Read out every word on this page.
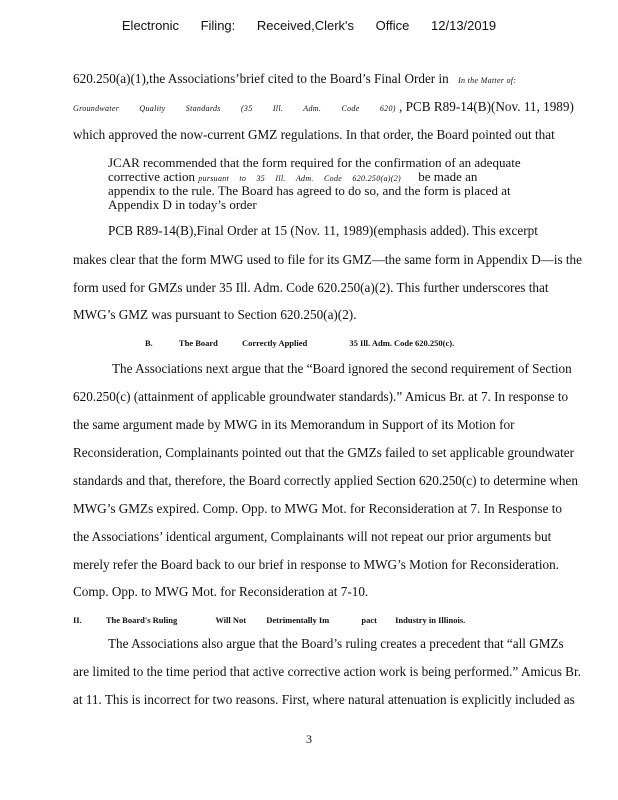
Electronic Filing: Received,Clerk's Office 12/13/2019
620.250(a)(1),the Associations’brief cited to the Board’s Final Order in In the Matter of:
Groundwater Quality Standards (35 Ill. Adm. Code 620) , PCB R89-14(B)(Nov. 11, 1989)
which approved the now-current GMZ regulations. In that order, the Board pointed out that
JCAR recommended that the form required for the confirmation of an adequate
corrective action pursuant to 35 Ill. Adm. Code 620.250(a)(2) be made an
appendix to the rule. The Board has agreed to do so, and the form is placed at
Appendix D in today’s order
PCB R89-14(B),Final Order at 15 (Nov. 11, 1989)(emphasis added). This excerpt
makes clear that the form MWG used to file for its GMZ—the same form in Appendix D—is the
form used for GMZs under 35 Ill. Adm. Code 620.250(a)(2). This further underscores that
MWG’s GMZ was pursuant to Section 620.250(a)(2).
B.	The Board	Correctly Applied	35 Ill. Adm. Code 620.250(c).
The Associations next argue that the “Board ignored the second requirement of Section
620.250(c) (attainment of applicable groundwater standards).” Amicus Br. at 7. In response to
the same argument made by MWG in its Memorandum in Support of its Motion for
Reconsideration, Complainants pointed out that the GMZs failed to set applicable groundwater
standards and that, therefore, the Board correctly applied Section 620.250(c) to determine when
MWG’s GMZs expired. Comp. Opp. to MWG Mot. for Reconsideration at 7. In Response to
the Associations’ identical argument, Complainants will not repeat our prior arguments but
merely refer the Board back to our brief in response to MWG’s Motion for Reconsideration.
Comp. Opp. to MWG Mot. for Reconsideration at 7-10.
II.	The Board's Ruling	Will Not Detrimentally Im	pact Industry in Illinois.
The Associations also argue that the Board’s ruling creates a precedent that “all GMZs
are limited to the time period that active corrective action work is being performed.” Amicus Br.
at 11. This is incorrect for two reasons. First, where natural attenuation is explicitly included as
3
